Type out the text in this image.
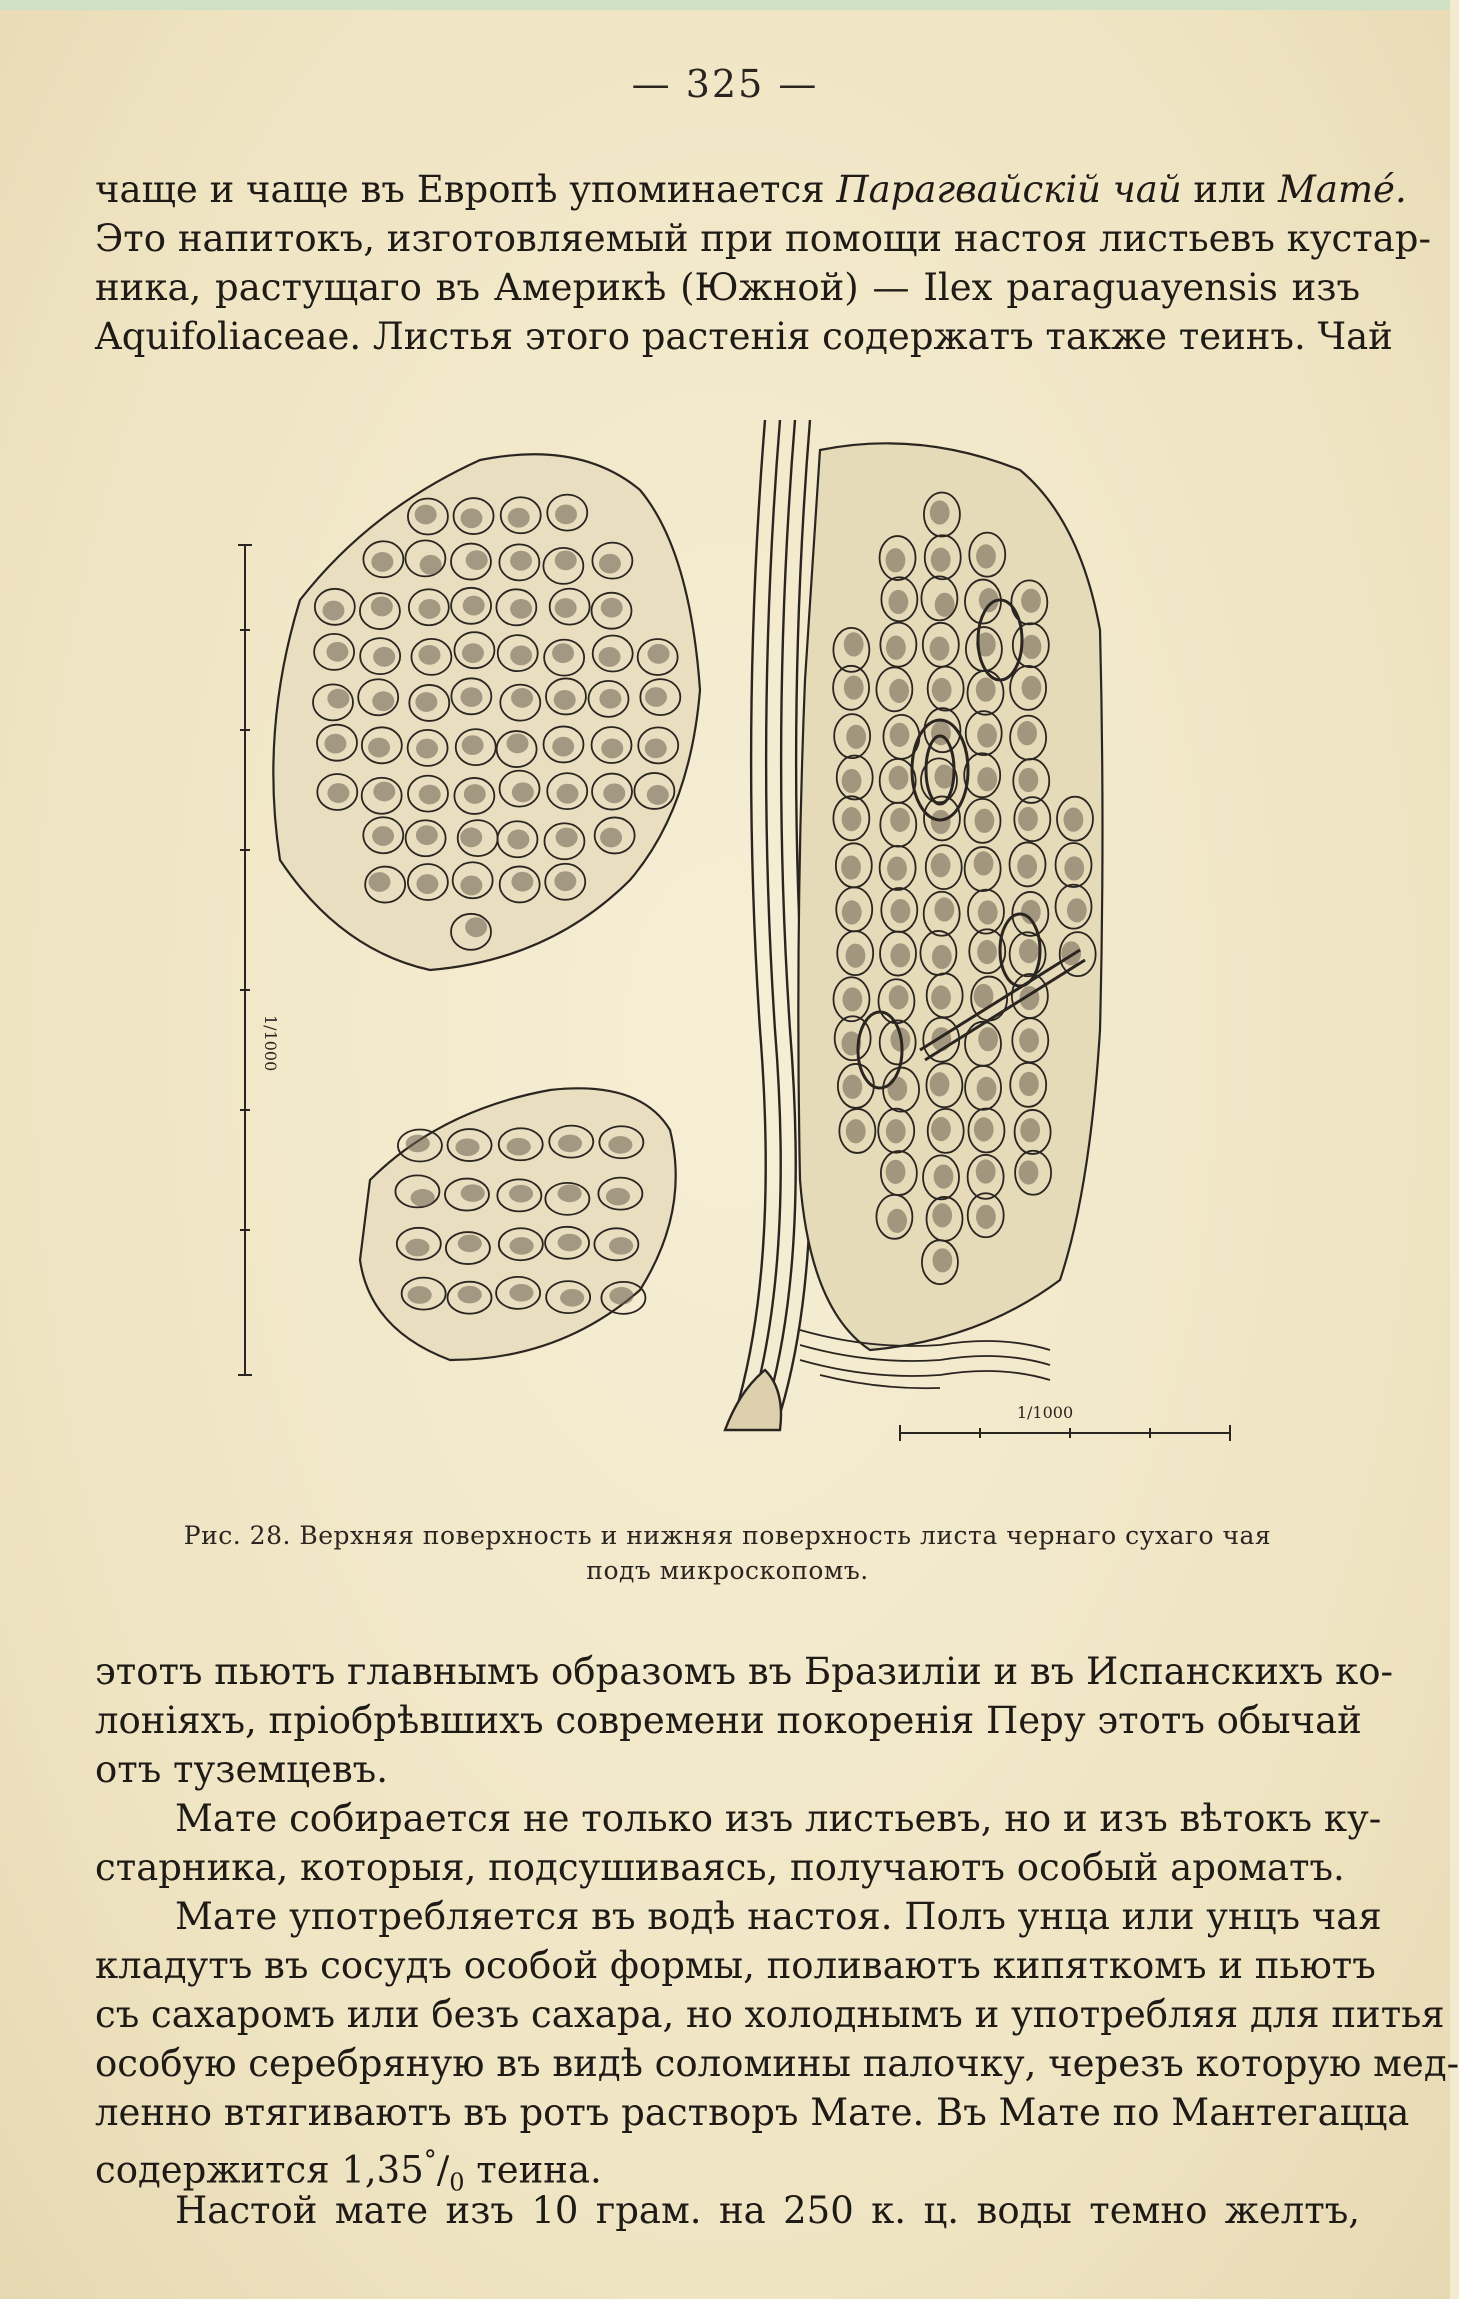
— 325 —
чаще и чаще въ Европѣ упоминается Парагвайскій чай или Матé.
Это напитокъ, изготовляемый при помощи настоя листьевъ кустар-
ника, растущаго въ Америкѣ (Южной) — Ilex paraguayensis изъ
Aquifoliaceae. Листья этого растенія содержатъ также теинъ. Чай
1/1000
1/1000
Рис. 28. Верхняя поверхность и нижняя поверхность листа чернаго сухаго чая
подъ микроскопомъ.
этотъ пьютъ главнымъ образомъ въ Бразиліи и въ Испанскихъ ко-
лоніяхъ, пріобрѣвшихъ современи покоренія Перу этотъ обычай
отъ туземцевъ.
Мате собирается не только изъ листьевъ, но и изъ вѣтокъ ку-
старника, которыя, подсушиваясь, получаютъ особый ароматъ.
Мате употребляется въ водѣ настоя. Полъ унца или унцъ чая
кладутъ въ сосудъ особой формы, поливаютъ кипяткомъ и пьютъ
съ сахаромъ или безъ сахара, но холоднымъ и употребляя для питья
особую серебряную въ видѣ соломины палочку, черезъ которую мед-
ленно втягиваютъ въ ротъ растворъ Мате. Въ Мате по Мантегацца
содержится $1,35^\circ/_0$ теина.
Настой мате изъ 10 грам. на 250 к. ц. воды темно желтъ,
